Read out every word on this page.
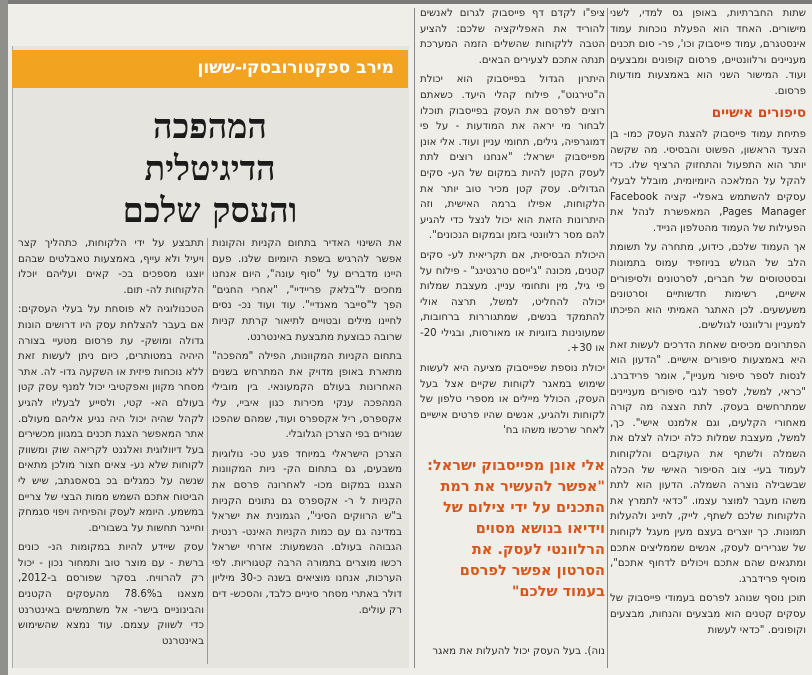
שתות החברתיות, באופן גס למדי, לשני מישורים. האחד הוא הפעלת נוכחות עמוד אינסטגרם, עמוד פייסבוק וכו', פר- סום תכנים מעניינים ורלוונטיים, פרסום קופונים ומבצעים ועוד. המישור השני הוא באמצעות מודעות פרסום.

סיפורים אישיים

פתיחת עמוד פייסבוק להצגת העסק כמו- בן הצעד הראשון, הפשוט והבסיסי. מה שקשה יותר הוא התפעול והתחזוק הרציף שלו. כדי להקל על המלאכה היומיומית, מובלל לבעלי עסקים להשתמש באפלי- קציה Facebook Pages Manager, המאפשרת לנהל את הפעילות של העמוד מהטלפון הנייד.

אך העמוד שלכם, כידוע, מתחרה על תשומת הלב של הגולש בניוזפיד עמוס בתמונות ובסטטוסים של חברים, לסרטונים ולסיפורים אישיים, רשימות חדשותיים וסרטונים משעשעים. לכן האתגר האמיתי הוא הפיכתו למעניין ורלוונטי לגולשים.

הפתרונים מכיסים שאחת הדרכים לעשות זאת היא באמצעות סיפורים אישיים. "הדעון הוא לנסות לספר סיפור מעניין", אומר פרידברג. "כראי, למשל, לספר לגבי סיפורים מעניינים שמתרחשים בעסק. לתת הצצה מה קורה מאחורי הקלעים, וגם אלמנט אישי". כך, למשל, מעצבת שמלות כלה יכולה לצלם את השמלה ולשתף את העוקבים והלקוחות לעמוד בעי- צוב הסיפור האישי של הכלה שבשבילה נוצרה השמלה. הדעון הוא לתת משהו מעבר למוצר עצמו. "כדאי לתמרץ את הלקוחות שלכם לשתף, לייק, לתייג ולהעלות תמונות. כך יוצרים בעצם מעין מעגל לקוחות של שגרירים לעסק, אנשים שממליצים אתכם ומתגאים שהם אתכם ויכולים לדחוף אתכם", מוסיף פרידברג.

תוכן נוסף שנוהג לפרסם בעמודי פייסבוק של עסקים קטנים הוא מבצעים והנחות, מבצעים וקופונים. "כדאי לעשות

ציפ"ו לקדם דף פייסבוק לגרום לאנשים להוריד את האפליקציה שלכם: להציע הטבה ללקוחות שהשלים הזמה המערכת תנתה אתכם לצעירים הבאים.

היתרון הגדול בפייסבוק הוא יכולת ה"טירגוט", פילוח קהלי היעד. כשאתם רוצים לפרסם את העסק בפייסבוק תוכלו לבחור מי יראה את המודעות - על פי דמוגרפיה, גילים, תחומי עניין ועוד. אלי אונן מפייסבוק ישראל: "אנחנו רוצים לתת לעסק הקטן להיות במקום של הע- סקים הגדולים. עסק קטן מכיר טוב יותר את הלקוחות, אפילו ברמה האישית, וזה היתרונות הזאת הוא יכול לנצל כדי להגיע להם מסר רלוונטי בזמן ובמקום הנכונים".

היכולת הבסיסית, אם תקריאית לע- סקים קטנים, מכונה "ג'ייסם טרגטינג" - פילוח על פי גיל, מין ותחומי עניין. מעצבת שמלות יכולה להחליט, למשל, תרצה אולי להתמקד בנשים, שמתגוררות ברחובות, שמעונינות בזוגיות או מאורסות, ובגילי 20- או 30+.

יכולת נוספת שפייסבוק מציעה היא לעשות שימוש במאגר לקוחות שקיים אצל בעל העסק, הכולל מיילים או מספרי טלפון של לקוחות ולהגיע, אנשים שהיו פרטים אישיים לאחר שרכשו משהו בח'

אלי אונן מפייסבוק ישראל: "אפשר להעשיר את רמת התכנים על ידי צילום של וידיאו בנושא מסוים הרלוונטי לעסק. את הסרטון אפשר לפרסם בעמוד שלכם"
נוה). בעל העסק יכול להעלות את מאגר
מירב ספקטורובסקי-ששון
המהפכה
הדיגיטלית
והעסק שלכם

את השינוי האדיר בתחום הקניות והקונות אפשר להרגיש בשפת היומיום שלנו. פעם היינו מדברים על "סוף עונה", היום אנחנו מחכים ל"בלאק פריידיי", "אחרי החגים" הפך ל"סייבר מאנדיי". עוד ועוד נכ- נסים לחיינו מילים ובטויים לתיאור קרתת קניות שרובה כבוצעת מתבצעת באינטרנט.

בתחום הקניות המקוונות, הפילה "מהפכה" מתארת באופן מדויק את המתרחש בשנים האחרונות בעולם הקמעונאי. בין מובילי המהפכה ענקי מכירות כגון איביי, עלי אקספרס, ריל אקספרס ועוד, שמהם שהפכו שגורים בפי הצרכן הגלובלי.

הצרכן הישראלי במיוחד פגע טכ- נולוגיות משבעים, גם בתחום הק- ניות המקוונות הצגנו במקום מכו- לאחרונה פרסם את הקניות ל ר- אקספרס גם נתונים הקניות ב"ש הרווקים הסיני", הגמונית את ישראל במדינה גם עם כמות הקניות האינט- רנטית הגבוהה בעולם. הנשמעות: אזרחי ישראל רכשו מוצרים בתמורה הרבה קטגוריות. לפי הערכות, אנחנו מוציאים בשנה כ-30 מיליון דולר באתרי מסחר סיניים כלבד, והסכש- דים רק עולים.

תתבצע על ידי הלקוחות, כתהליך קצר ויעיל ולא עייף, באמצעות טאבלטים שבהם יוצגו מספכים בכ- קאים ועליהם יוכלו הלקוחות לה- תום.

הטכנולוגיה לא פוסחת על בעלי העסקים: אם בעבר להצלחת עסק היו דרושים הונות גדולה ומושק- עת פרסום מטעיי בצורה היהיה במטותרים, כיום ניתן לעשות זאת ללא נוכחות פיזית או השקעה גדו- לה. אתר מסחר מקוון ואפקטיבי יכול למנף עסק קטן בעולם הא- קטי, ולסייע לבעליו להגיע לקהל שהיה יכול היה נגיע אליהם מעולם. אתר המאפשר הצגת תכנים במגוון מכשירים בעל דיוולוגית ואלגנט לקריאה שוק ומשווק לקוחות שלא נע- צאים חצור מולכן מתאים שנשה על כמגלים בכ בסאסגתב, שיש לי הביטוח אתכם השמש ממות הבצי של צריים במשמע. היומא לעסק והפיחיה ויפוי סגמחק וחייגר תחשות על בשבורים.

עסק שיידע להיות במקומות הנ- כונים ברשת - עם מוצר טוב ותמחור נכון - יכול רק להרוויח. בסקר שפורסם ב-2012, מצאנו ב78.6% מהעסקים הקטנים והבינוניים בישר- אל משתמשים באינטרנט כדי לשווק עצמם. עוד נמצא שהשימוש באינטרנט
